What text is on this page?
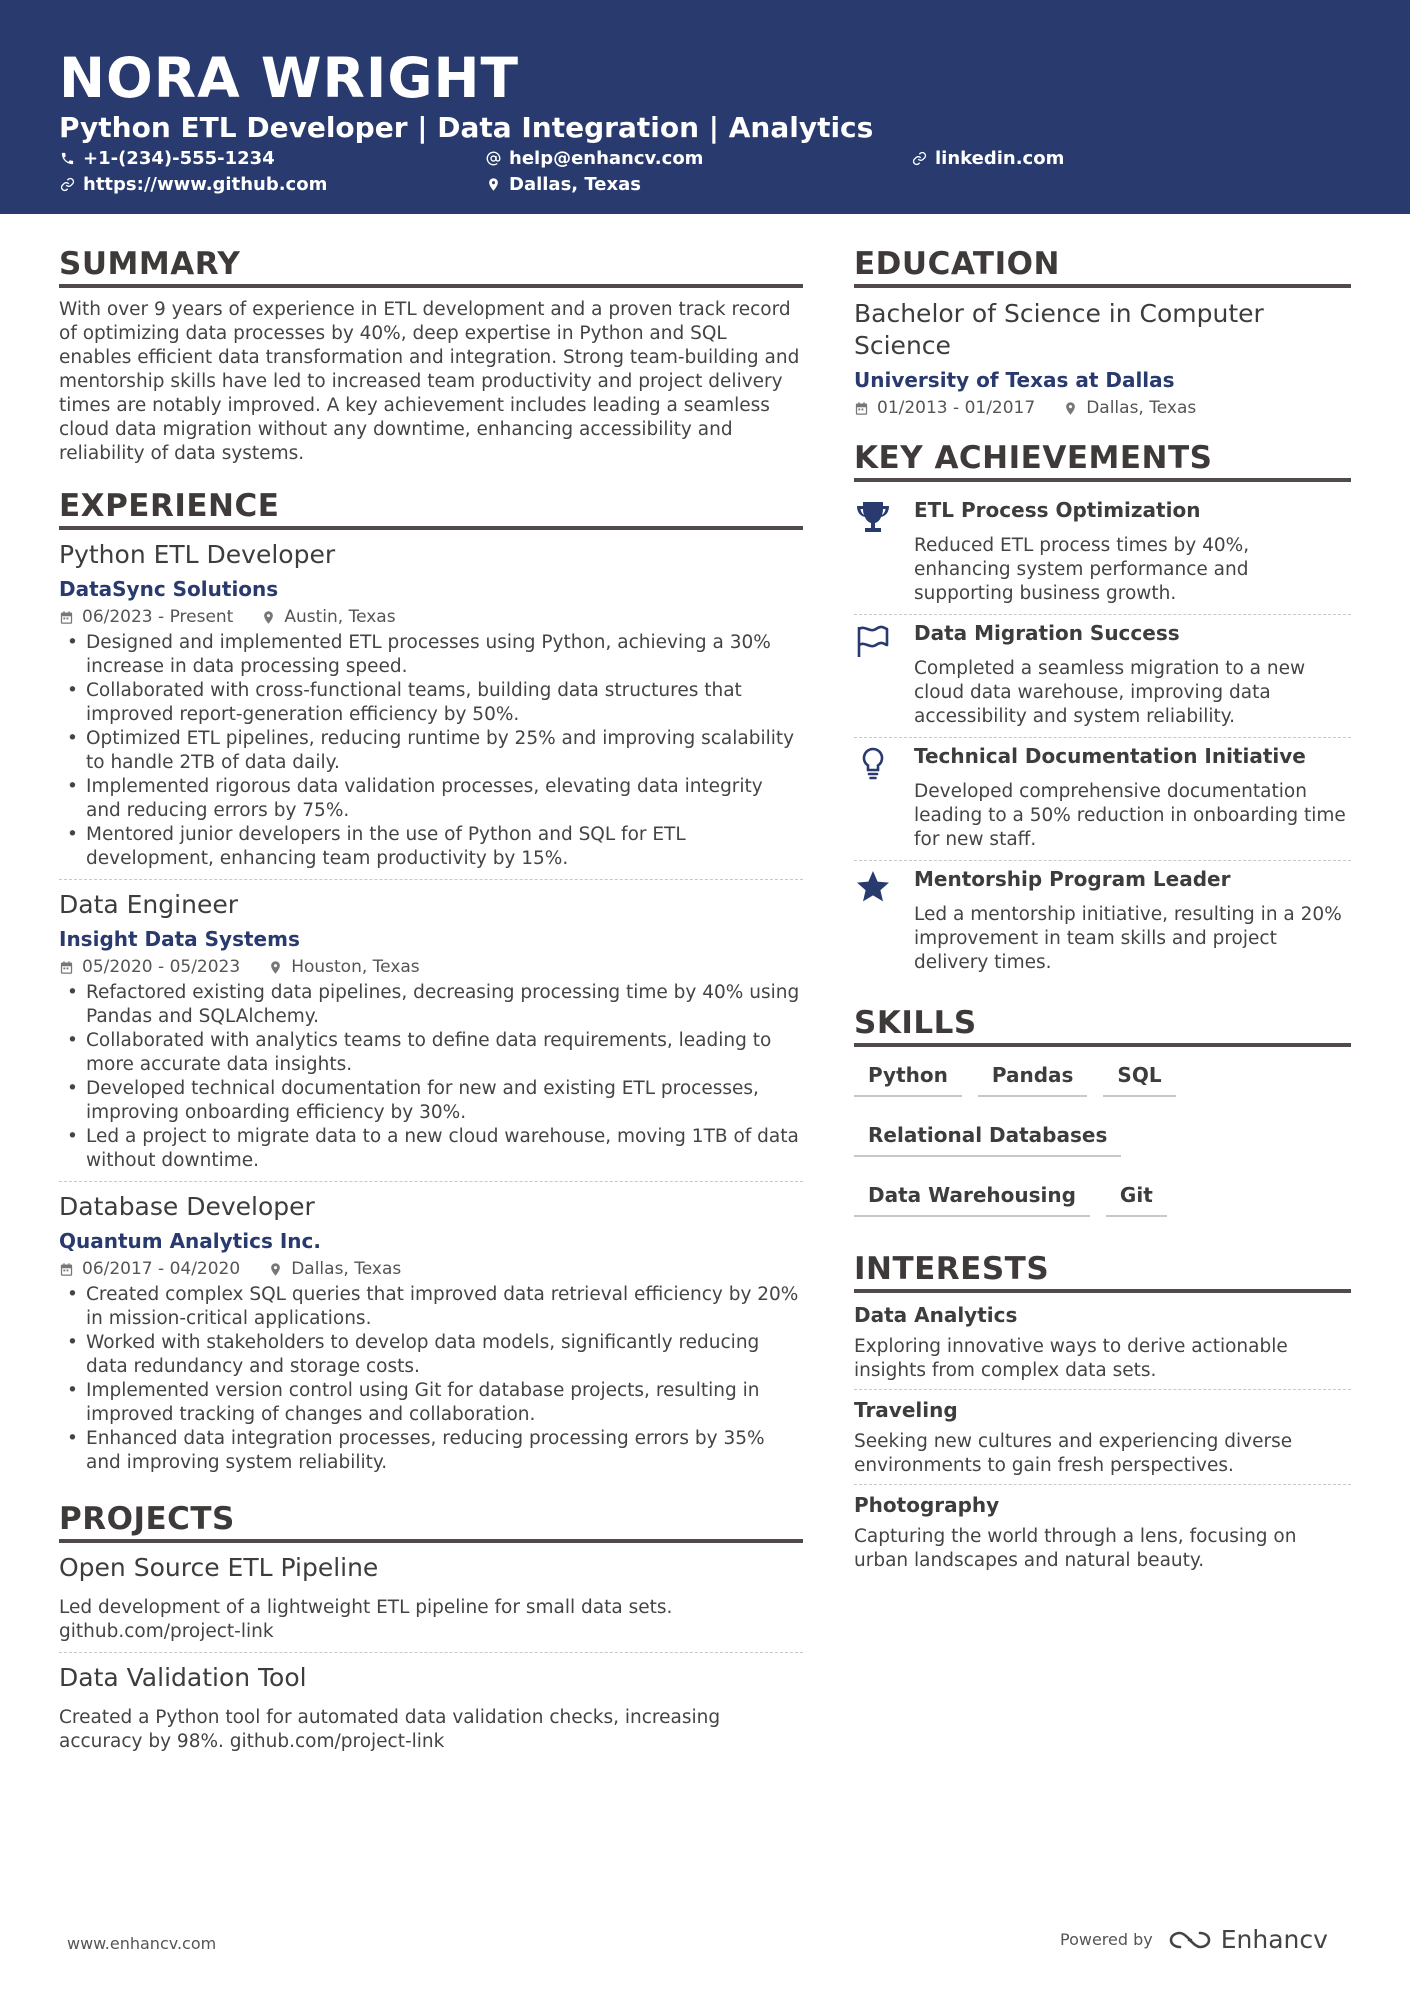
NORA WRIGHT
Python ETL Developer | Data Integration | Analytics
+1-(234)-555-1234	help@enhancv.com	linkedin.com
https://www.github.com	Dallas, Texas
SUMMARY
With over 9 years of experience in ETL development and a proven track record of optimizing data processes by 40%, deep expertise in Python and SQL enables efficient data transformation and integration. Strong team-building and mentorship skills have led to increased team productivity and project delivery times are notably improved. A key achievement includes leading a seamless cloud data migration without any downtime, enhancing accessibility and reliability of data systems.
EXPERIENCE
Python ETL Developer
DataSync Solutions
06/2023 - Present	Austin, Texas
• Designed and implemented ETL processes using Python, achieving a 30% increase in data processing speed.
• Collaborated with cross-functional teams, building data structures that improved report-generation efficiency by 50%.
• Optimized ETL pipelines, reducing runtime by 25% and improving scalability to handle 2TB of data daily.
• Implemented rigorous data validation processes, elevating data integrity and reducing errors by 75%.
• Mentored junior developers in the use of Python and SQL for ETL development, enhancing team productivity by 15%.
Data Engineer
Insight Data Systems
05/2020 - 05/2023	Houston, Texas
• Refactored existing data pipelines, decreasing processing time by 40% using Pandas and SQLAlchemy.
• Collaborated with analytics teams to define data requirements, leading to more accurate data insights.
• Developed technical documentation for new and existing ETL processes, improving onboarding efficiency by 30%.
• Led a project to migrate data to a new cloud warehouse, moving 1TB of data without downtime.
Database Developer
Quantum Analytics Inc.
06/2017 - 04/2020	Dallas, Texas
• Created complex SQL queries that improved data retrieval efficiency by 20% in mission-critical applications.
• Worked with stakeholders to develop data models, significantly reducing data redundancy and storage costs.
• Implemented version control using Git for database projects, resulting in improved tracking of changes and collaboration.
• Enhanced data integration processes, reducing processing errors by 35% and improving system reliability.
PROJECTS
Open Source ETL Pipeline
Led development of a lightweight ETL pipeline for small data sets. github.com/project-link
Data Validation Tool
Created a Python tool for automated data validation checks, increasing accuracy by 98%. github.com/project-link
EDUCATION
Bachelor of Science in Computer Science
University of Texas at Dallas
01/2013 - 01/2017	Dallas, Texas
KEY ACHIEVEMENTS
ETL Process Optimization
Reduced ETL process times by 40%, enhancing system performance and supporting business growth.
Data Migration Success
Completed a seamless migration to a new cloud data warehouse, improving data accessibility and system reliability.
Technical Documentation Initiative
Developed comprehensive documentation leading to a 50% reduction in onboarding time for new staff.
Mentorship Program Leader
Led a mentorship initiative, resulting in a 20% improvement in team skills and project delivery times.
SKILLS
Python	Pandas	SQL
Relational Databases
Data Warehousing	Git
INTERESTS
Data Analytics
Exploring innovative ways to derive actionable insights from complex data sets.
Traveling
Seeking new cultures and experiencing diverse environments to gain fresh perspectives.
Photography
Capturing the world through a lens, focusing on urban landscapes and natural beauty.
www.enhancv.com	Powered by	Enhancv
